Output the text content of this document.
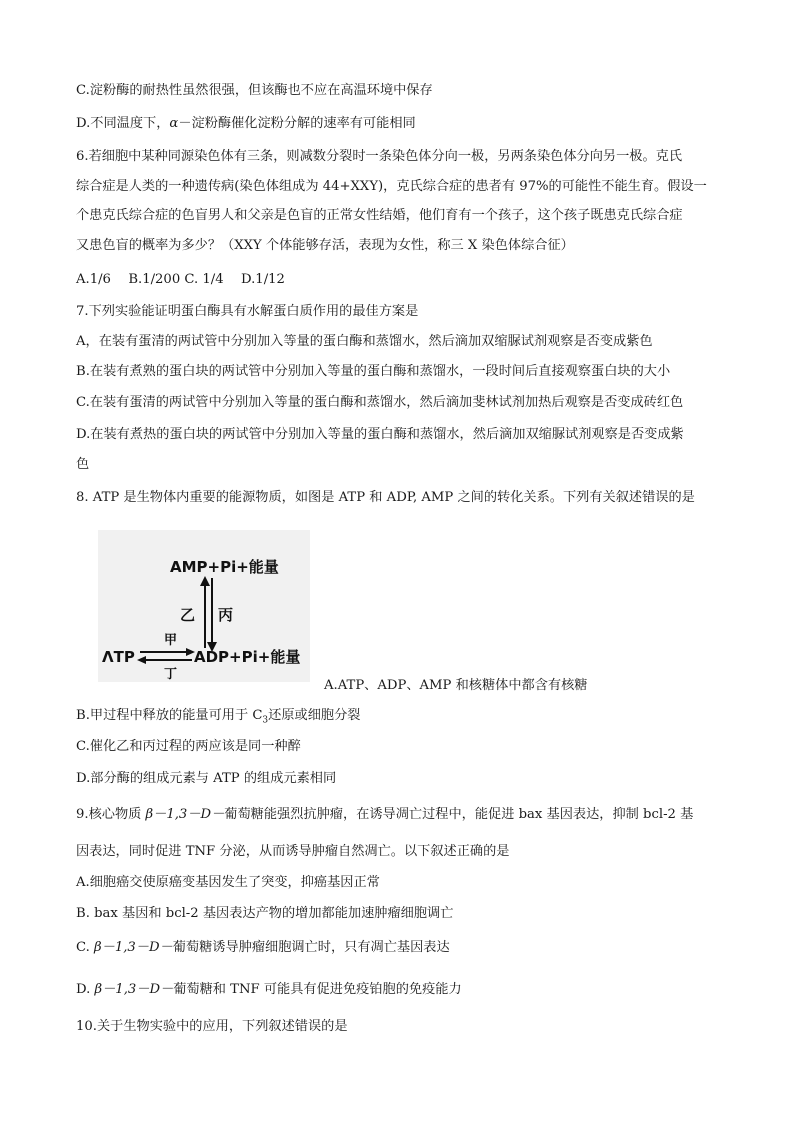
C.淀粉酶的耐热性虽然很强，但该酶也不应在高温环境中保存
D.不同温度下，α－淀粉酶催化淀粉分解的速率有可能相同
6.若细胞中某种同源染色体有三条，则减数分裂时一条染色体分向一极，另两条染色体分向另一极。克氏
综合症是人类的一种遗传病(染色体组成为 44+XXY)，克氏综合症的患者有 97%的可能性不能生育。假设一
个患克氏综合症的色盲男人和父亲是色盲的正常女性结婚，他们育有一个孩子，这个孩子既患克氏综合症
又患色盲的概率为多少？（XXY 个体能够存活，表现为女性，称三 X 染色体综合征）
A.1/6　 B.1/200 C. 1/4　 D.1/12
7.下列实验能证明蛋白酶具有水解蛋白质作用的最佳方案是
A，在装有蛋清的两试管中分别加入等量的蛋白酶和蒸馏水，然后滴加双缩脲试剂观察是否变成紫色
B.在装有煮熟的蛋白块的两试管中分别加入等量的蛋白酶和蒸馏水，一段时间后直接观察蛋白块的大小
C.在装有蛋清的两试管中分别加入等量的蛋白酶和蒸馏水，然后滴加斐林试剂加热后观察是否变成砖红色
D.在装有煮热的蛋白块的两试管中分别加入等量的蛋白酶和蒸馏水，然后滴加双缩脲试剂观察是否变成紫
色
8. ATP 是生物体内重要的能源物质，如图是 ATP 和 ADP, AMP 之间的转化关系。下列有关叙述错误的是
AMP+Pi+能量
乙 丙
ΛTP
甲
丁
ADP+Pi+能量
A.ATP、ADP、AMP 和核糖体中都含有核糖
B.甲过程中释放的能量可用于 $C_3$还原或细胞分裂
C.催化乙和丙过程的两应该是同一种醉
D.部分酶的组成元素与 ATP 的组成元素相同
9.核心物质 β－1,3－D－葡萄糖能强烈抗肿瘤，在诱导凋亡过程中，能促进 bax 基因表达，抑制 bcl-2 基
因表达，同时促进 TNF 分泌，从而诱导肿瘤自然凋亡。以下叙述正确的是
A.细胞癌交使原癌变基因发生了突变，抑癌基因正常
B. bax 基因和 bcl-2 基因表达产物的增加都能加速肿瘤细胞调亡
C. β－1,3－D－葡萄糖诱导肿瘤细胞调亡时，只有凋亡基因表达
D. β－1,3－D－葡萄糖和 TNF 可能具有促进免疫铂胞的免疫能力
10.关于生物实验中的应用，下列叙述错误的是
